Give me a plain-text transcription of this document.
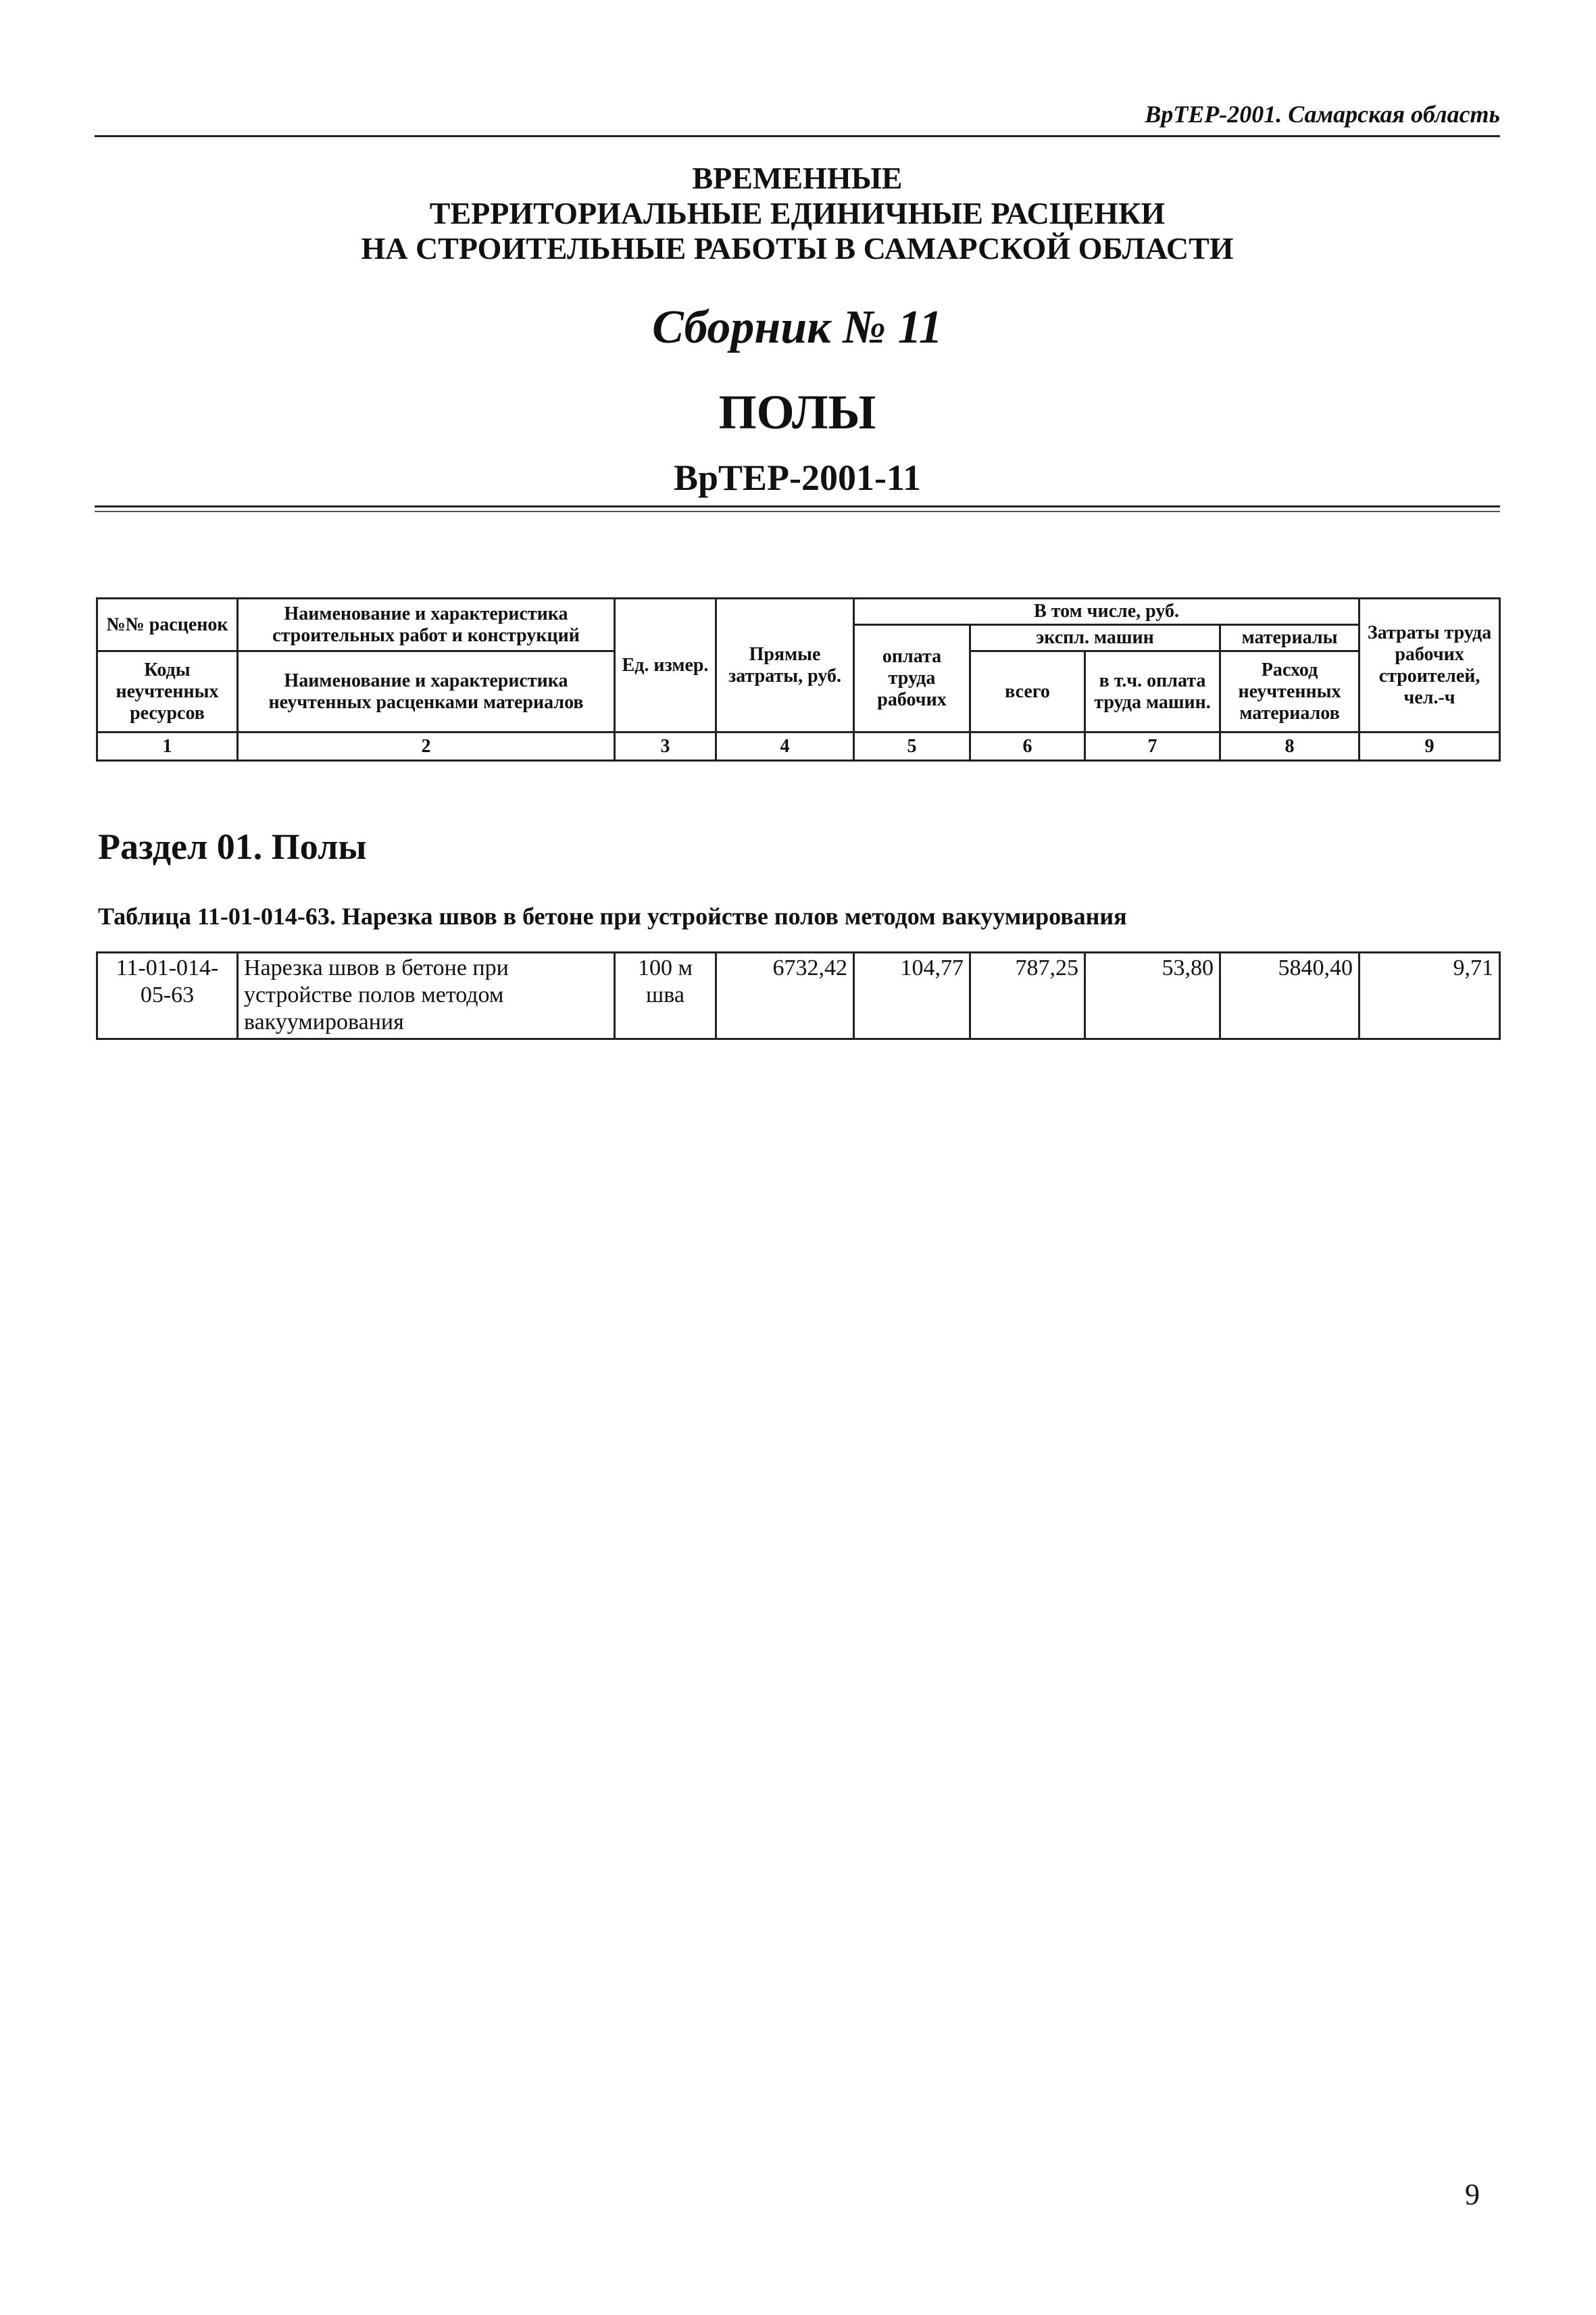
ВрТЕР-2001. Самарская область
ВРЕМЕННЫЕ
ТЕРРИТОРИАЛЬНЫЕ ЕДИНИЧНЫЕ РАСЦЕНКИ
НА СТРОИТЕЛЬНЫЕ РАБОТЫ В САМАРСКОЙ ОБЛАСТИ
Сборник № 11
ПОЛЫ
ВрТЕР-2001-11
№№ расценок	Наименование и характеристика строительных работ и конструкций	Ед. измер.	Прямые затраты, руб.	В том числе, руб.				Затраты труда рабочих строителей, чел.-ч
				оплата труда рабочих	экспл. машин		материалы	
Коды неучтенных ресурсов	Наименование и характеристика неучтенных расценками материалов				всего	в т.ч. оплата труда машин.	Расход неучтенных материалов	

1	2	3	4	5	6	7	8	9
Раздел 01. Полы
Таблица 11-01-014-63. Нарезка швов в бетоне при устройстве полов методом вакуумирования
11-01-014-05-63	Нарезка швов в бетоне при устройстве полов методом вакуумирования	100 м шва	6732,42	104,77	787,25	53,80	5840,40	9,71
9
